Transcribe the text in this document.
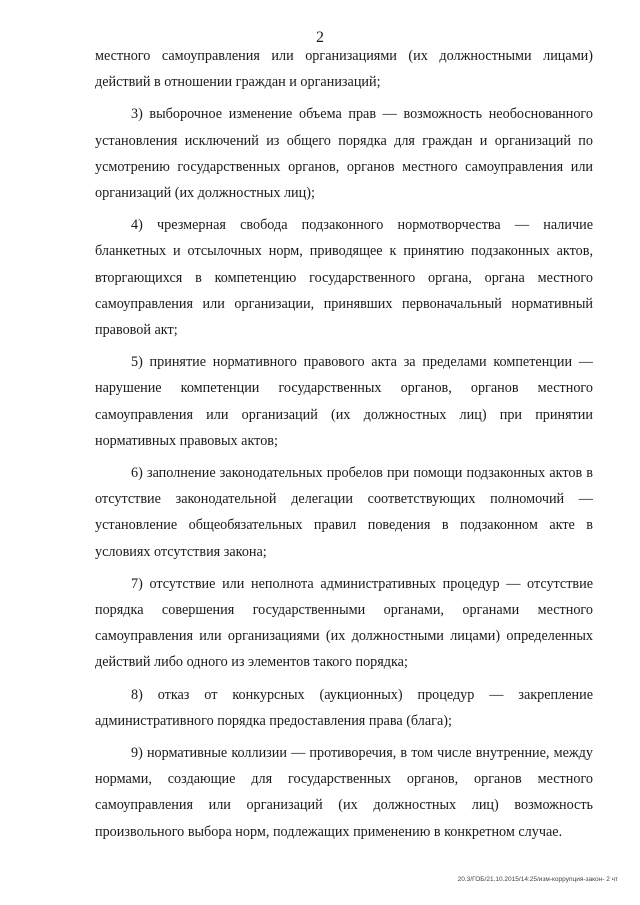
2

местного самоуправления или организациями (их должностными лицами) действий в отношении граждан и организаций;

3) выборочное изменение объема прав — возможность необоснованного установления исключений из общего порядка для граждан и организаций по усмотрению государственных органов, органов местного самоуправления или организаций (их должностных лиц);

4) чрезмерная свобода подзаконного нормотворчества — наличие бланкетных и отсылочных норм, приводящее к принятию подзаконных актов, вторгающихся в компетенцию государственного органа, органа местного самоуправления или организации, принявших первоначальный нормативный правовой акт;

5) принятие нормативного правового акта за пределами компетенции — нарушение компетенции государственных органов, органов местного самоуправления или организаций (их должностных лиц) при принятии нормативных правовых актов;

6) заполнение законодательных пробелов при помощи подзаконных актов в отсутствие законодательной делегации соответствующих полномочий — установление общеобязательных правил поведения в подзаконном акте в условиях отсутствия закона;

7) отсутствие или неполнота административных процедур — отсутствие порядка совершения государственными органами, органами местного самоуправления или организациями (их должностными лицами) определенных действий либо одного из элементов такого порядка;

8) отказ от конкурсных (аукционных) процедур — закрепление административного порядка предоставления права (блага);

9) нормативные коллизии — противоречия, в том числе внутренние, между нормами, создающие для государственных органов, органов местного самоуправления или организаций (их должностных лиц) возможность произвольного выбора норм, подлежащих применению в конкретном случае.

20.3/ГОБ/21.10.2015/14:25/изм-коррупция-закон- 2 чт
